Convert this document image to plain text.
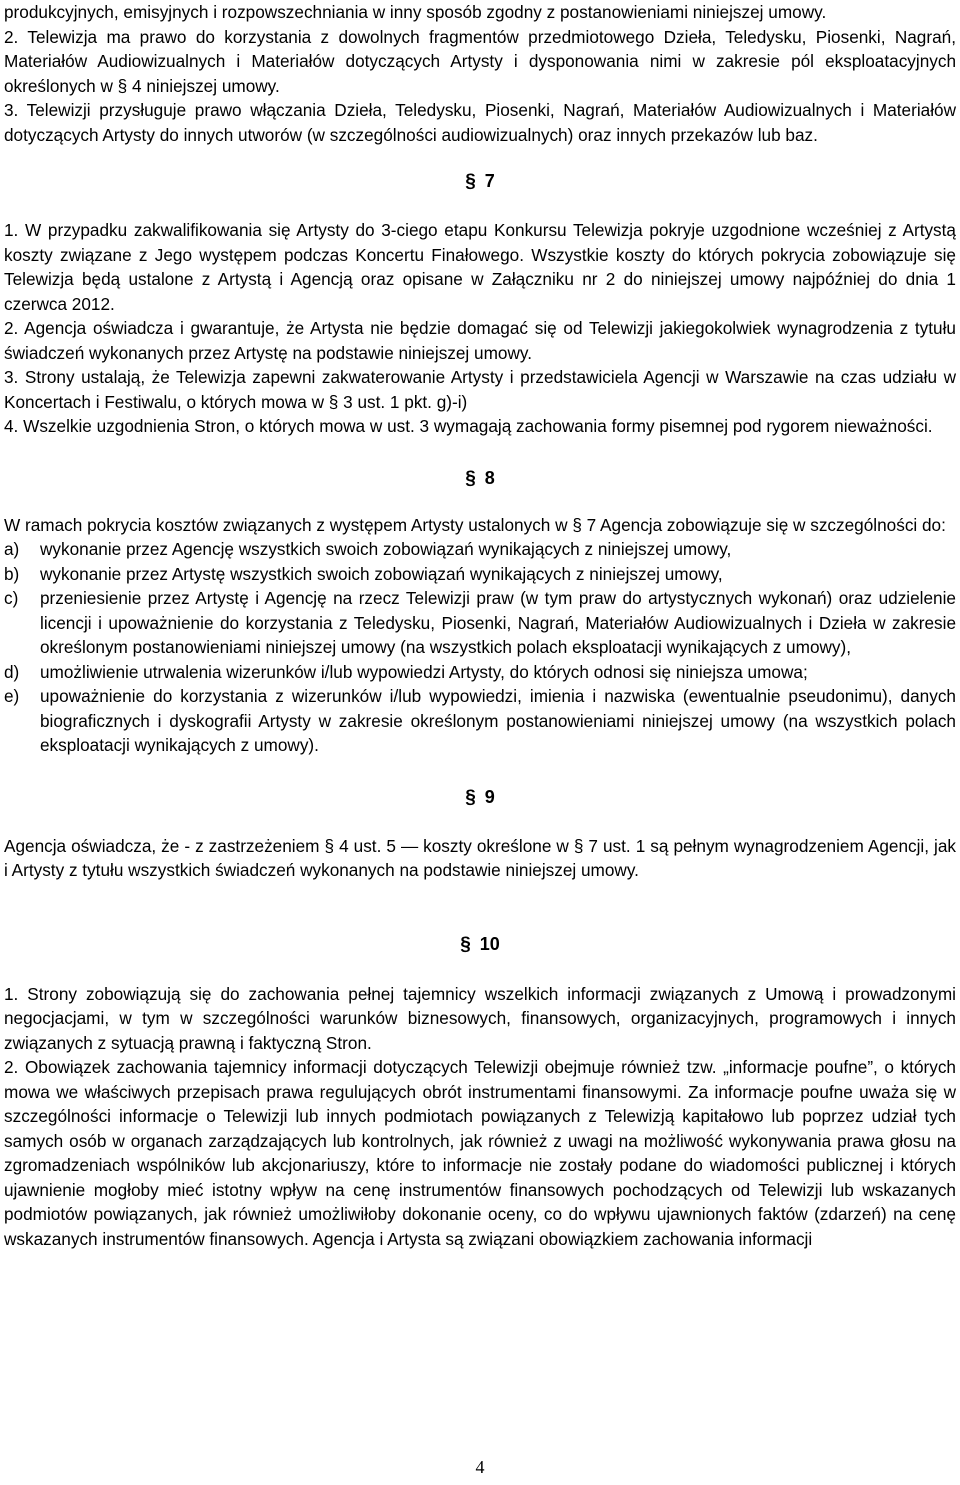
produkcyjnych, emisyjnych i rozpowszechniania w inny sposób zgodny z postanowieniami niniejszej umowy.

2. Telewizja ma prawo do korzystania z dowolnych fragmentów przedmiotowego Dzieła, Teledysku, Piosenki, Nagrań, Materiałów Audiowizualnych i Materiałów dotyczących Artysty i dysponowania nimi w zakresie pól eksploatacyjnych określonych w § 4 niniejszej umowy.

3. Telewizji przysługuje prawo włączania Dzieła, Teledysku, Piosenki, Nagrań, Materiałów Audiowizualnych i Materiałów dotyczących Artysty do innych utworów (w szczególności audiowizualnych) oraz innych przekazów lub baz.

§ 7

1. W przypadku zakwalifikowania się Artysty do 3-ciego etapu Konkursu Telewizja pokryje uzgodnione wcześniej z Artystą koszty związane z Jego występem podczas Koncertu Finałowego. Wszystkie koszty do których pokrycia zobowiązuje się Telewizja będą ustalone z Artystą i Agencją oraz opisane w Załączniku nr 2 do niniejszej umowy najpóźniej do dnia 1 czerwca 2012.

2. Agencja oświadcza i gwarantuje, że Artysta nie będzie domagać się od Telewizji jakiegokolwiek wynagrodzenia z tytułu świadczeń wykonanych przez Artystę na podstawie niniejszej umowy.

3. Strony ustalają, że Telewizja zapewni zakwaterowanie Artysty i przedstawiciela Agencji w Warszawie na czas udziału w Koncertach i Festiwalu, o których mowa w § 3 ust. 1 pkt. g)-i)

4. Wszelkie uzgodnienia Stron, o których mowa w ust. 3 wymagają zachowania formy pisemnej pod rygorem nieważności.

§ 8

W ramach pokrycia kosztów związanych z występem Artysty ustalonych w § 7 Agencja zobowiązuje się w szczególności do:

a)	wykonanie przez Agencję wszystkich swoich zobowiązań wynikających z niniejszej umowy,
b)	wykonanie przez Artystę wszystkich swoich zobowiązań wynikających z niniejszej umowy,
c)	przeniesienie przez Artystę i Agencję na rzecz Telewizji praw (w tym praw do artystycznych wykonań) oraz udzielenie licencji i upoważnienie do korzystania z Teledysku, Piosenki, Nagrań, Materiałów Audiowizualnych i Dzieła w zakresie określonym postanowieniami niniejszej umowy (na wszystkich polach eksploatacji wynikających z umowy),
d)	umożliwienie utrwalenia wizerunków i/lub wypowiedzi Artysty, do których odnosi się niniejsza umowa;
e)	upoważnienie do korzystania z wizerunków i/lub wypowiedzi, imienia i nazwiska (ewentualnie pseudonimu), danych biograficznych i dyskografii Artysty w zakresie określonym postanowieniami niniejszej umowy (na wszystkich polach eksploatacji wynikających z umowy).
§ 9

Agencja oświadcza, że - z zastrzeżeniem § 4 ust. 5 — koszty określone w § 7 ust. 1 są pełnym wynagrodzeniem Agencji, jak i Artysty z tytułu wszystkich świadczeń wykonanych na podstawie niniejszej umowy.

§ 10

1. Strony zobowiązują się do zachowania pełnej tajemnicy wszelkich informacji związanych z Umową i prowadzonymi negocjacjami, w tym w szczególności warunków biznesowych, finansowych, organizacyjnych, programowych i innych związanych z sytuacją prawną i faktyczną Stron.

2. Obowiązek zachowania tajemnicy informacji dotyczących Telewizji obejmuje również tzw. „informacje poufne”, o których mowa we właściwych przepisach prawa regulujących obrót instrumentami finansowymi. Za informacje poufne uważa się w szczególności informacje o Telewizji lub innych podmiotach powiązanych z Telewizją kapitałowo lub poprzez udział tych samych osób w organach zarządzających lub kontrolnych, jak również z uwagi na możliwość wykonywania prawa głosu na zgromadzeniach wspólników lub akcjonariuszy, które to informacje nie zostały podane do wiadomości publicznej i których ujawnienie mogłoby mieć istotny wpływ na cenę instrumentów finansowych pochodzących od Telewizji lub wskazanych podmiotów powiązanych, jak również umożliwiłoby dokonanie oceny, co do wpływu ujawnionych faktów (zdarzeń) na cenę wskazanych instrumentów finansowych. Agencja i Artysta są związani obowiązkiem zachowania informacji

4
